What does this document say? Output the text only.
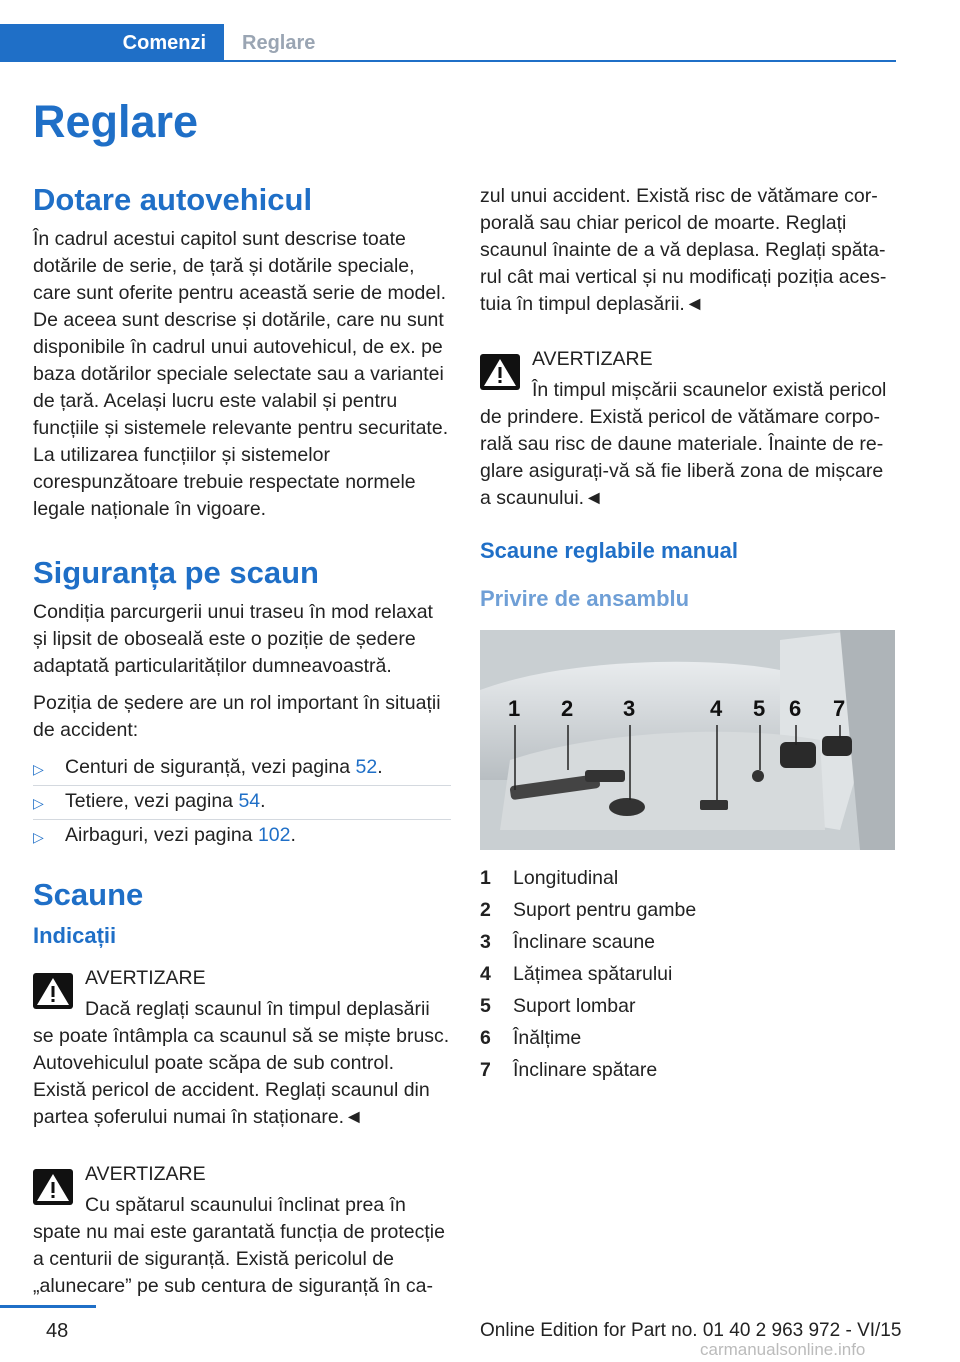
Comenzi	Reglare
Reglare
Dotare autovehicul

În cadrul acestui capitol sunt descrise toate dotările de serie, de țară și dotările speciale, care sunt oferite pentru această serie de model. De aceea sunt descrise și dotările, care nu sunt disponibile în cadrul unui autovehicul, de ex. pe baza dotărilor speciale selectate sau a variantei de țară. Același lucru este valabil și pentru funcțiile și sistemele relevante pentru securitate. La utilizarea funcțiilor și sistemelor corespunzătoare trebuie respectate normele legale naționale în vigoare.

Siguranța pe scaun

Condiția parcurgerii unui traseu în mod relaxat și lipsit de oboseală este o poziție de ședere adaptată particularităților dumneavoastră.

Poziția de ședere are un rol important în situații de accident:

▷	Centuri de siguranță, vezi pagina 52.
▷	Tetiere, vezi pagina 54.
▷	Airbaguri, vezi pagina 102.
Scaune
Indicații
AVERTIZARE
Dacă reglați scaunul în timpul deplasării

se poate întâmpla ca scaunul să se miște brusc. Autovehiculul poate scăpa de sub control. Există pericol de accident. Reglați scaunul din partea șoferului numai în staționare.◄

AVERTIZARE
Cu spătarul scaunului înclinat prea în

spate nu mai este garantată funcția de protecție a centurii de siguranță. Există pericolul de „alunecare” pe sub centura de siguranță în ca-

zul unui accident. Există risc de vătămare corporală sau chiar pericol de moarte. Reglați scaunul înainte de a vă deplasa. Reglați spătarul cât mai vertical și nu modificați poziția acestuia în timpul deplasării.◄

AVERTIZARE
În timpul mișcării scaunelor există pericol

de prindere. Există pericol de vătămare corporală sau risc de daune materiale. Înainte de reglare asigurați-vă să fie liberă zona de mișcare a scaunului.◄

Scaune reglabile manual
Privire de ansamblu
1 2 3	4 5 6 7
1	Longitudinal
2	Suport pentru gambe
3	Înclinare scaune
4	Lățimea spătarului
5	Suport lombar
6	Înălțime
7	Înclinare spătare
48	Online Edition for Part no. 01 40 2 963 972 - VI/15
carmanualsonline.info
